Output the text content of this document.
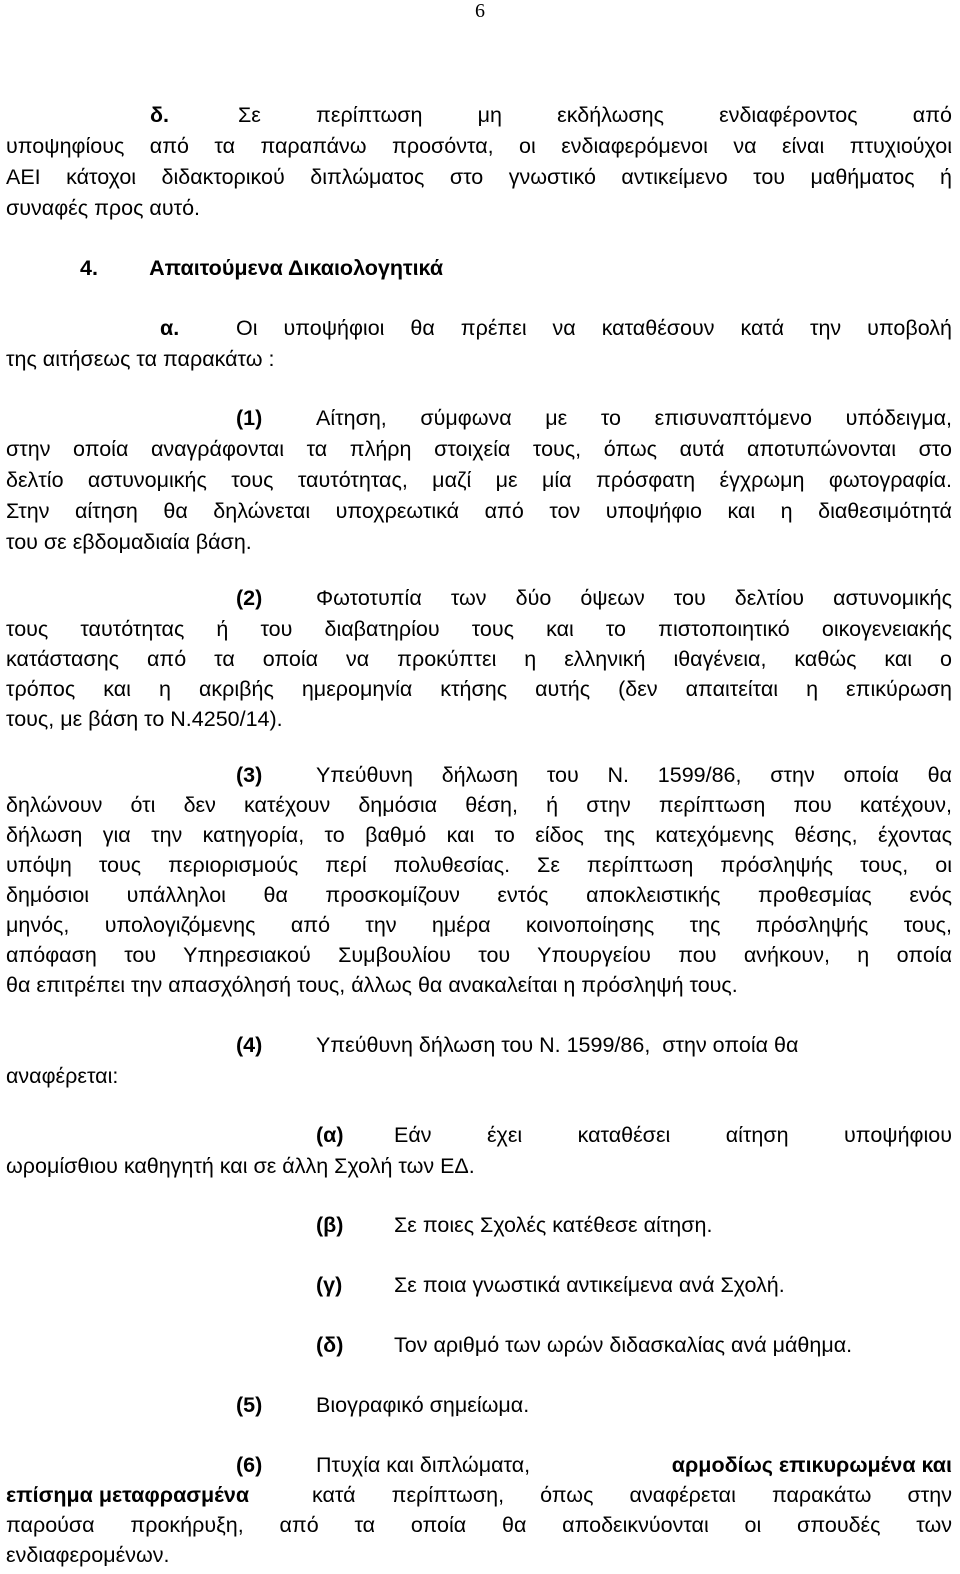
6
δ.	Σε περίπτωση μη εκδήλωσης ενδιαφέροντος από
υποψηφίους από τα παραπάνω προσόντα, οι ενδιαφερόμενοι να είναι πτυχιούχοι
ΑΕΙ κάτοχοι διδακτορικού διπλώματος στο γνωστικό αντικείμενο του μαθήματος ή
συναφές προς αυτό.
4. Απαιτούμενα Δικαιολογητικά
α.	Οι υποψήφιοι θα πρέπει να καταθέσουν κατά την υποβολή
της αιτήσεως τα παρακάτω :
(1) Αίτηση, σύμφωνα με το επισυναπτόμενο υπόδειγμα,
στην οποία αναγράφονται τα πλήρη στοιχεία τους, όπως αυτά αποτυπώνονται στο
δελτίο αστυνομικής τους ταυτότητας, μαζί με μία πρόσφατη έγχρωμη φωτογραφία.
Στην αίτηση θα δηλώνεται υποχρεωτικά από τον υποψήφιο και η διαθεσιμότητά
του σε εβδομαδιαία βάση.
(2) Φωτοτυπία των δύο όψεων του δελτίου αστυνομικής
τους ταυτότητας ή του διαβατηρίου τους και το πιστοποιητικό οικογενειακής
κατάστασης από τα οποία να προκύπτει η ελληνική ιθαγένεια, καθώς και ο
τρόπος και η ακριβής ημερομηνία κτήσης αυτής (δεν απαιτείται η επικύρωση
τους, με βάση το Ν.4250/14).
(3) Υπεύθυνη δήλωση του Ν. 1599/86, στην οποία θα
δηλώνουν ότι δεν κατέχουν δημόσια θέση, ή στην περίπτωση που κατέχουν,
δήλωση για την κατηγορία, το βαθμό και το είδος της κατεχόμενης θέσης, έχοντας
υπόψη τους περιορισμούς περί πολυθεσίας. Σε περίπτωση πρόσληψής τους, οι
δημόσιοι υπάλληλοι θα προσκομίζουν εντός αποκλειστικής προθεσμίας ενός
μηνός, υπολογιζόμενης από την ημέρα κοινοποίησης της πρόσληψής τους,
απόφαση του Υπηρεσιακού Συμβουλίου του Υπουργείου που ανήκουν, η οποία
θα επιτρέπει την απασχόλησή τους, άλλως θα ανακαλείται η πρόσληψή τους.
(4) Υπεύθυνη δήλωση του Ν. 1599/86,  στην οποία θα
αναφέρεται:
(α) Εάν έχει καταθέσει αίτηση υποψήφιου
ωρομίσθιου καθηγητή και σε άλλη Σχολή των ΕΔ.
(β) Σε ποιες Σχολές κατέθεσε αίτηση.
(γ) Σε ποια γνωστικά αντικείμενα ανά Σχολή.
(δ) Τον αριθμό των ωρών διδασκαλίας ανά μάθημα.
(5) Βιογραφικό σημείωμα.
(6) Πτυχία και διπλώματα,	αρμοδίως επικυρωμένα και
επίσημα μεταφρασμένα	κατά περίπτωση, όπως αναφέρεται παρακάτω στην
παρούσα προκήρυξη, από τα οποία θα αποδεικνύονται οι σπουδές των
ενδιαφερομένων.
